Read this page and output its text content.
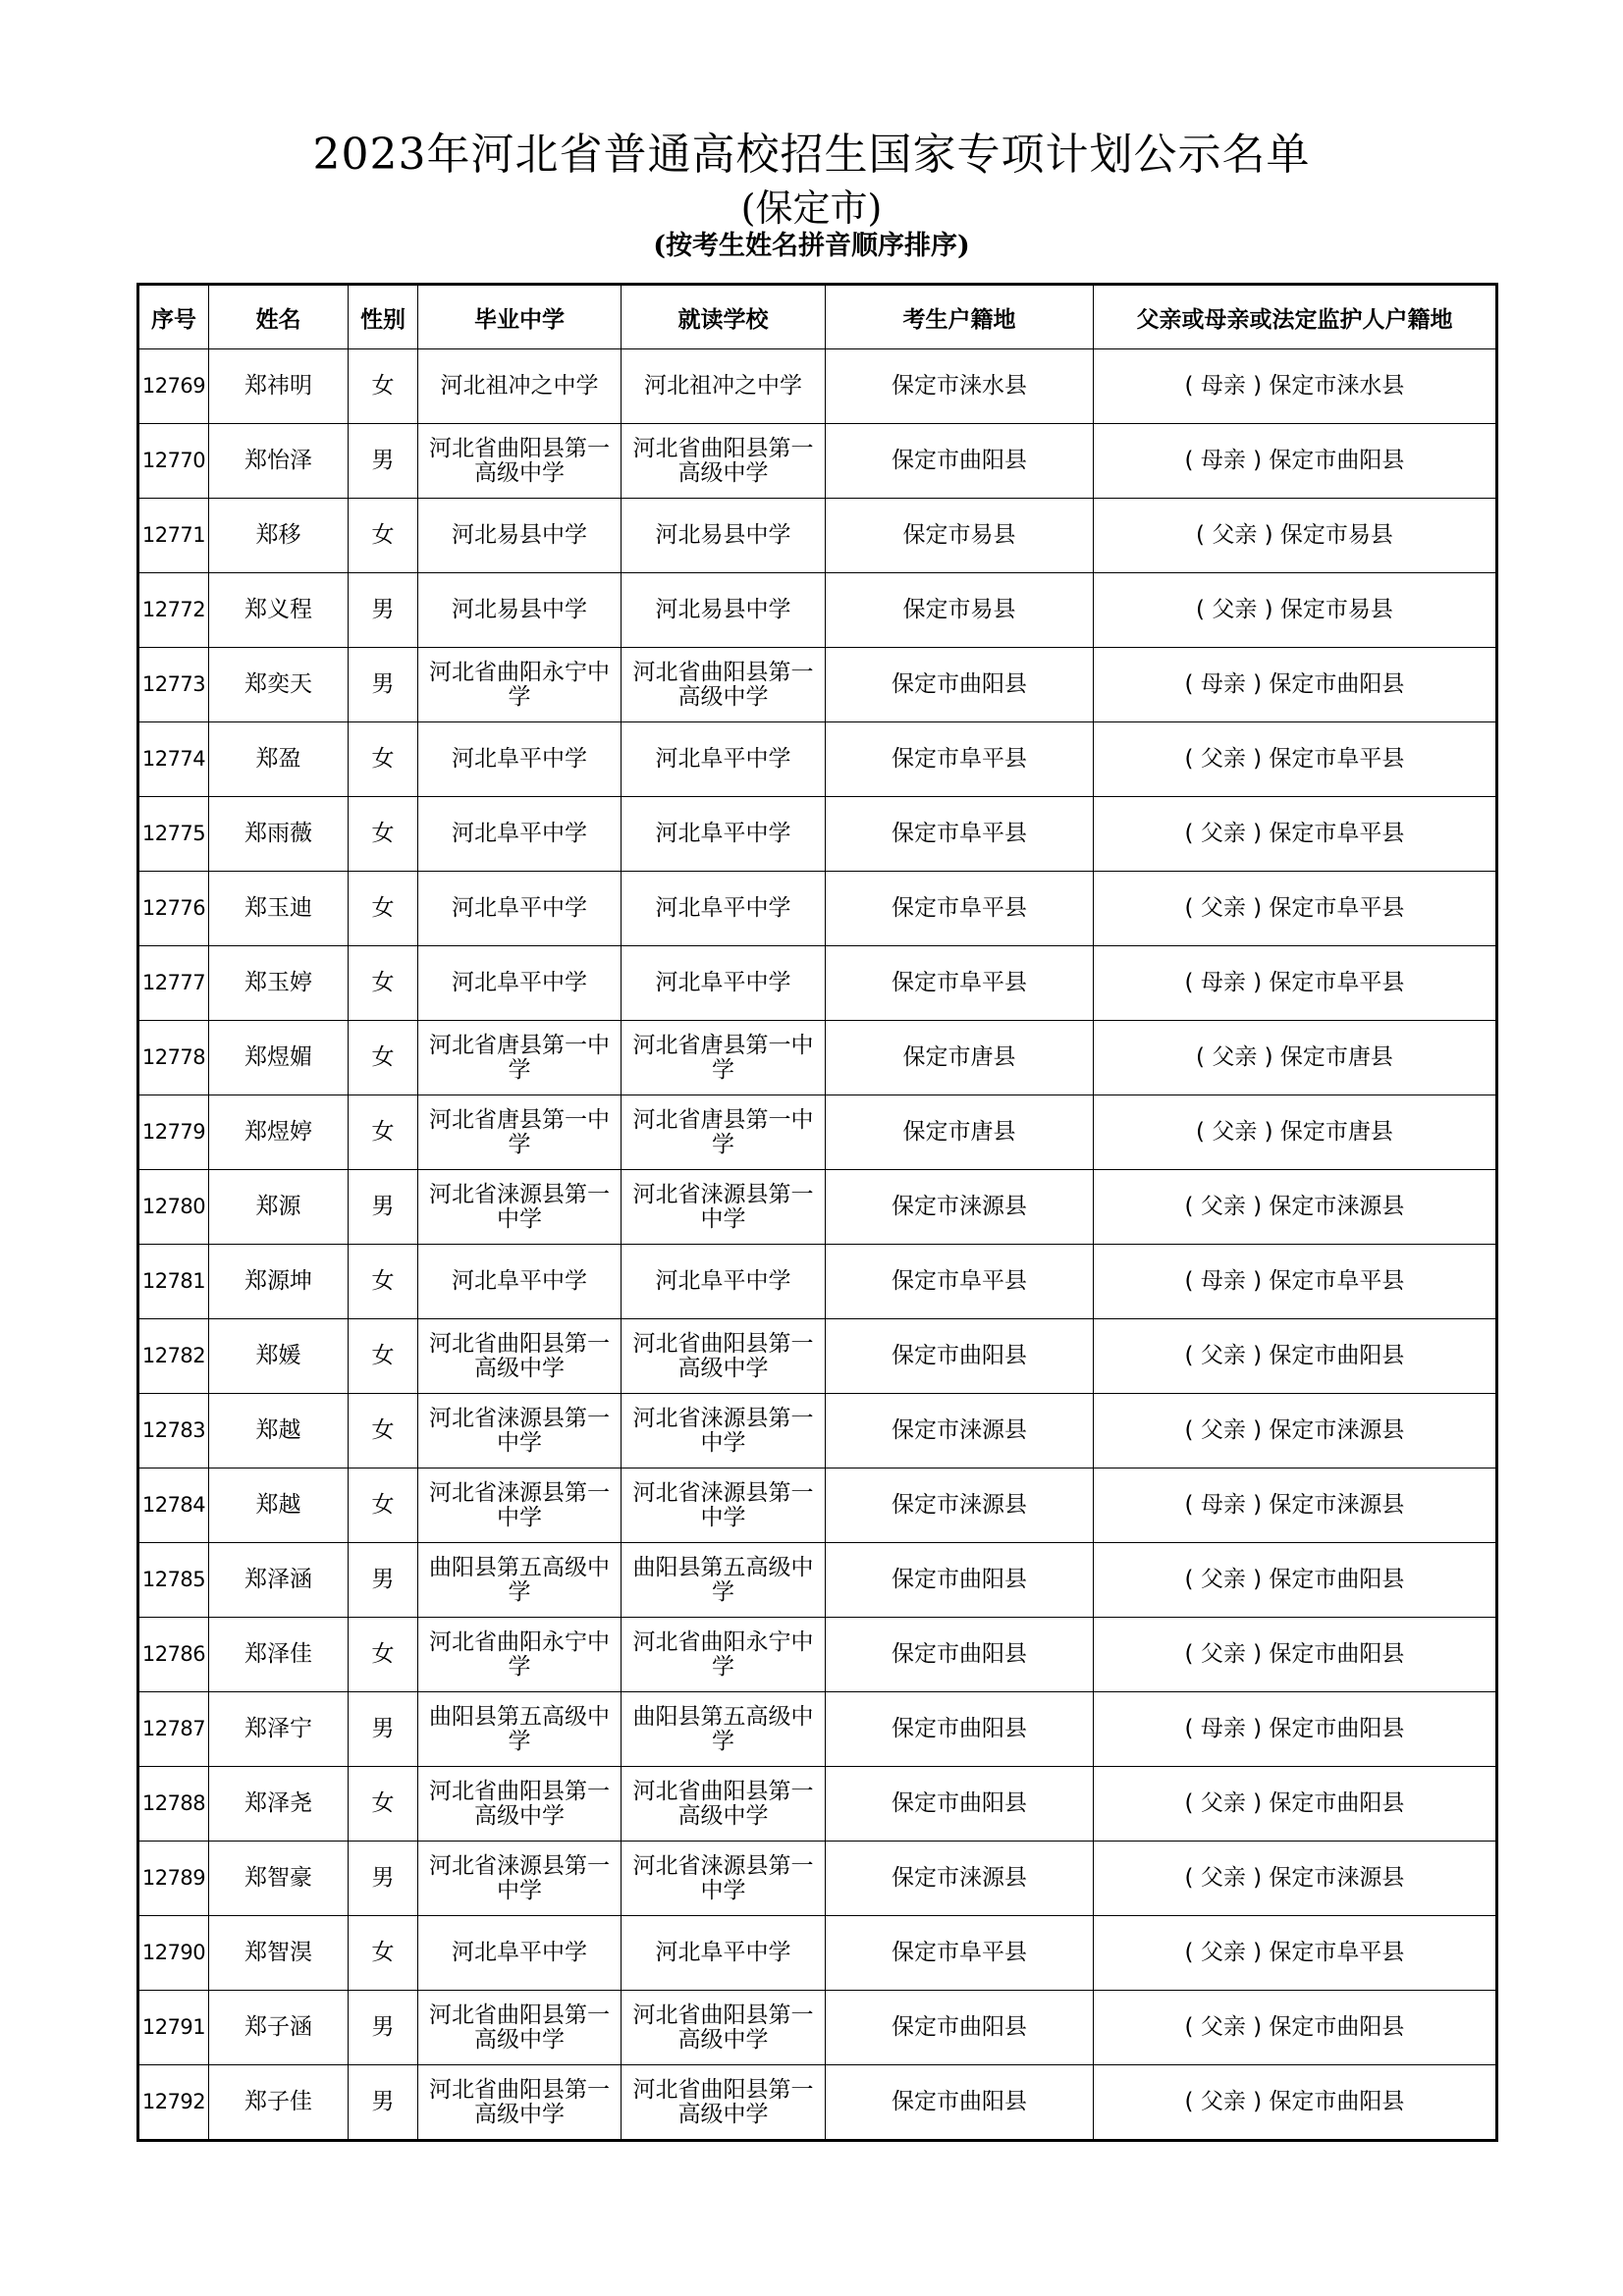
2023年河北省普通高校招生国家专项计划公示名单
(保定市)
(按考生姓名拼音顺序排序)
序号	姓名	性别	毕业中学	就读学校	考生户籍地	父亲或母亲或法定监护人户籍地
12769	郑祎明	女	河北祖冲之中学	河北祖冲之中学	保定市涞水县	( 母亲 ) 保定市涞水县
12770	郑怡泽	男	河北省曲阳县第一高级中学	河北省曲阳县第一高级中学	保定市曲阳县	( 母亲 ) 保定市曲阳县
12771	郑移	女	河北易县中学	河北易县中学	保定市易县	( 父亲 ) 保定市易县
12772	郑义程	男	河北易县中学	河北易县中学	保定市易县	( 父亲 ) 保定市易县
12773	郑奕天	男	河北省曲阳永宁中学	河北省曲阳县第一高级中学	保定市曲阳县	( 母亲 ) 保定市曲阳县
12774	郑盈	女	河北阜平中学	河北阜平中学	保定市阜平县	( 父亲 ) 保定市阜平县
12775	郑雨薇	女	河北阜平中学	河北阜平中学	保定市阜平县	( 父亲 ) 保定市阜平县
12776	郑玉迪	女	河北阜平中学	河北阜平中学	保定市阜平县	( 父亲 ) 保定市阜平县
12777	郑玉婷	女	河北阜平中学	河北阜平中学	保定市阜平县	( 母亲 ) 保定市阜平县
12778	郑煜媚	女	河北省唐县第一中学	河北省唐县第一中学	保定市唐县	( 父亲 ) 保定市唐县
12779	郑煜婷	女	河北省唐县第一中学	河北省唐县第一中学	保定市唐县	( 父亲 ) 保定市唐县
12780	郑源	男	河北省涞源县第一中学	河北省涞源县第一中学	保定市涞源县	( 父亲 ) 保定市涞源县
12781	郑源坤	女	河北阜平中学	河北阜平中学	保定市阜平县	( 母亲 ) 保定市阜平县
12782	郑媛	女	河北省曲阳县第一高级中学	河北省曲阳县第一高级中学	保定市曲阳县	( 父亲 ) 保定市曲阳县
12783	郑越	女	河北省涞源县第一中学	河北省涞源县第一中学	保定市涞源县	( 父亲 ) 保定市涞源县
12784	郑越	女	河北省涞源县第一中学	河北省涞源县第一中学	保定市涞源县	( 母亲 ) 保定市涞源县
12785	郑泽涵	男	曲阳县第五高级中学	曲阳县第五高级中学	保定市曲阳县	( 父亲 ) 保定市曲阳县
12786	郑泽佳	女	河北省曲阳永宁中学	河北省曲阳永宁中学	保定市曲阳县	( 父亲 ) 保定市曲阳县
12787	郑泽宁	男	曲阳县第五高级中学	曲阳县第五高级中学	保定市曲阳县	( 母亲 ) 保定市曲阳县
12788	郑泽尧	女	河北省曲阳县第一高级中学	河北省曲阳县第一高级中学	保定市曲阳县	( 父亲 ) 保定市曲阳县
12789	郑智豪	男	河北省涞源县第一中学	河北省涞源县第一中学	保定市涞源县	( 父亲 ) 保定市涞源县
12790	郑智淏	女	河北阜平中学	河北阜平中学	保定市阜平县	( 父亲 ) 保定市阜平县
12791	郑子涵	男	河北省曲阳县第一高级中学	河北省曲阳县第一高级中学	保定市曲阳县	( 父亲 ) 保定市曲阳县
12792	郑子佳	男	河北省曲阳县第一高级中学	河北省曲阳县第一高级中学	保定市曲阳县	( 父亲 ) 保定市曲阳县
